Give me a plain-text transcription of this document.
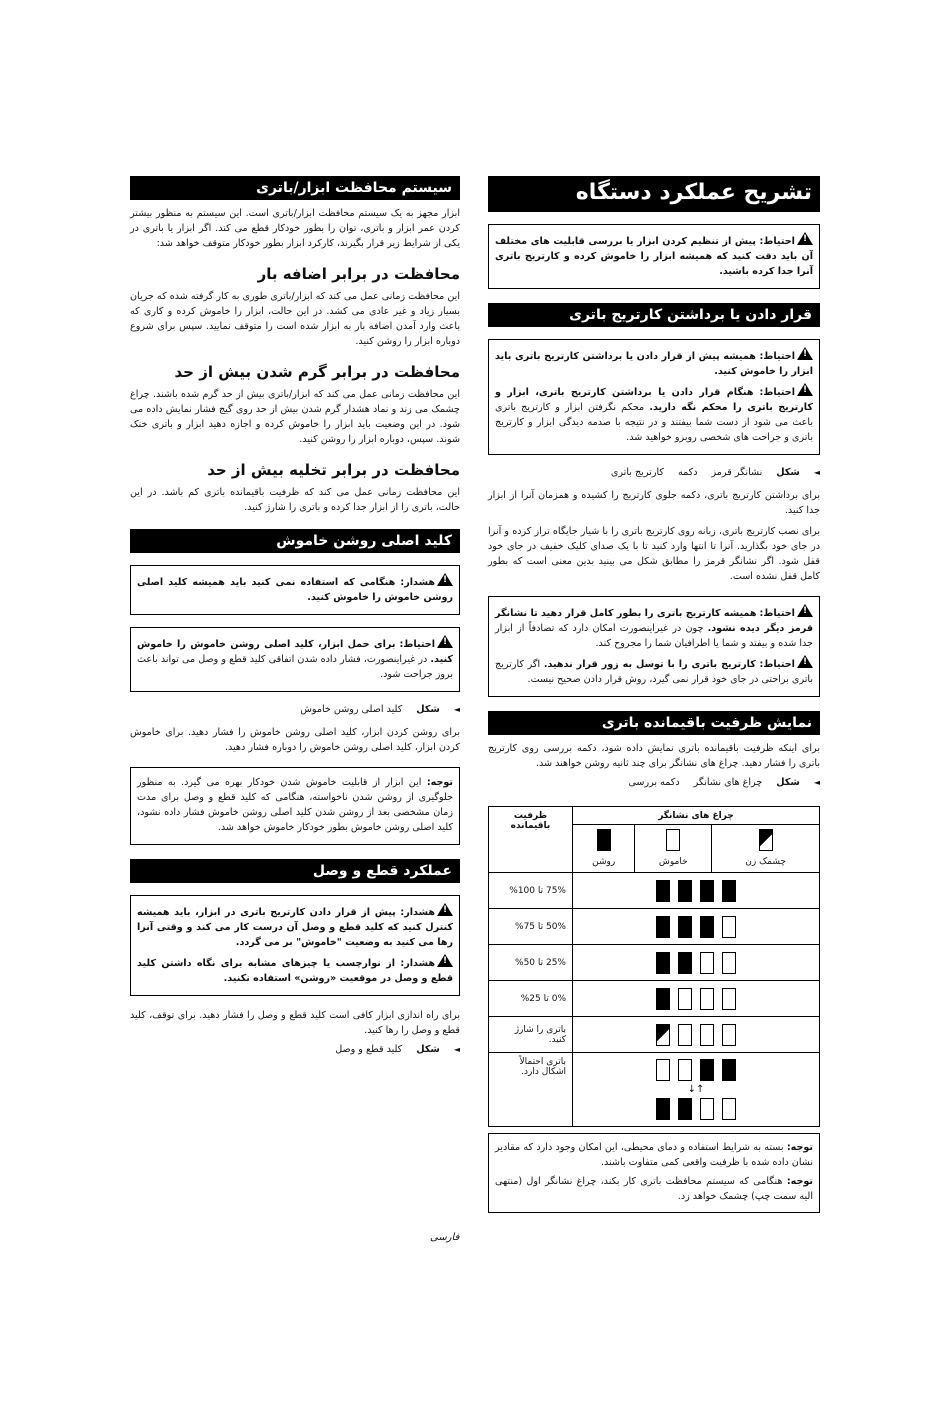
تشریح عملکرد دستگاه

!احتیاط: پیش از تنظیم کردن ابزار یا بررسی قابلیت های مختلف آن باید دقت کنید که همیشه ابزار را خاموش کرده و کارتریج باتری آنرا جدا کرده باشید.

قرار دادن یا برداشتن کارتریج باتری

!احتیاط: همیشه پیش از قرار دادن یا برداشتن کارتریج باتری باید ابزار را خاموش کنید.

!احتیاط: هنگام قرار دادن یا برداشتن کارتریج باتری، ابزار و کارتریج باتری را محکم نگه دارید. محکم نگرفتن ابزار و کارتریج باتری باعث می شود از دست شما بیفتند و در نتیجه با صدمه دیدگی ابزار و کارتریج باتری و جراحت های شخصی روبرو خواهید شد.

◄
شکل
نشانگر قرمز
دکمه
کارتریج باتری

برای برداشتن کارتریج باتری، دکمه جلوی کارتریج را کشیده و همزمان آنرا از ابزار جدا کنید.

برای نصب کارتریج باتری، زبانه روی کارتریج باتری را با شیار جایگاه تراز کرده و آنرا در جای خود بگذارید. آنرا تا انتها وارد کنید تا با یک صدای کلیک خفیف در جای خود قفل شود. اگر نشانگر قرمز را مطابق شکل می بینید بدین معنی است که بطور کامل قفل نشده است.

!احتیاط: همیشه کارتریج باتری را بطور کامل قرار دهید تا نشانگر قرمز دیگر دیده نشود. چون در غیراینصورت امکان دارد که تصادفاً از ابزار جدا شده و بیفتد و شما یا اطرافیان شما را مجروح کند.

!احتیاط: کارتریج باتری را با توسل به زور قرار ندهید. اگر کارتریج باتری براحتی در جای خود قرار نمی گیرد، روش قرار دادن صحیح نیست.

نمایش ظرفیت باقیمانده باتری

برای اینکه ظرفیت باقیمانده باتری نمایش داده شود، دکمه بررسی روی کارتریج باتری را فشار دهید. چراغ های نشانگر برای چند ثانیه روشن خواهند شد.

◄
شکل
چراغ های نشانگر
دکمه بررسی
چراغ های نشانگر			ظرفیت باقیمانده

چشمک زن	خاموش	روشن	
			75% تا 100%
			50% تا 75%
			25% تا 50%
			0% تا 25%
			باتری را شارژ کنید.

↑↓			باتری احتمالاً اشکال دارد.

توجه: بسته به شرایط استفاده و دمای محیطی، این امکان وجود دارد که مقادیر نشان داده شده با ظرفیت واقعی کمی متفاوت باشند.

توجه: هنگامی که سیستم محافظت باتری کار بکند، چراغ نشانگر اول (منتهی الیه سمت چپ) چشمک خواهد زد.

سیستم محافظت ابزار/باتری

ابزار مجهز به یک سیستم محافظت ابزار/باتری است. این سیستم به منظور بیشتر کردن عمر ابزار و باتری، توان را بطور خودکار قطع می کند. اگر ابزار یا باتری در یکی از شرایط زیر قرار بگیرند، کارکرد ابزار بطور خودکار متوقف خواهد شد:

محافظت در برابر اضافه بار

این محافظت زمانی عمل می کند که ابزار/باتری طوری به کار گرفته شده که جریان بسیار زیاد و غیر عادی می کشد. در این حالت، ابزار را خاموش کرده و کاری که باعث وارد آمدن اضافه بار به ابزار شده است را متوقف نمایید. سپس برای شروع دوباره ابزار را روشن کنید.

محافظت در برابر گرم شدن بیش از حد

این محافظت زمانی عمل می کند که ابزار/باتری بیش از حد گرم شده باشند. چراغ چشمک می زند و نماد هشدار گرم شدن بیش از حد روی گیج فشار نمایش داده می شود. در این وضعیت باید ابزار را خاموش کرده و اجازه دهید ابزار و باتری خنک شوند. سپس، دوباره ابزار را روشن کنید.

محافظت در برابر تخلیه بیش از حد

این محافظت زمانی عمل می کند که ظرفیت باقیمانده باتری کم باشد. در این حالت، باتری را از ابزار جدا کرده و باتری را شارژ کنید.

کلید اصلی روشن خاموش

!هشدار: هنگامی که استفاده نمی کنید باید همیشه کلید اصلی روشن خاموش را خاموش کنید.

!احتیاط: برای حمل ابزار، کلید اصلی روشن خاموش را خاموش کنید. در غیراینصورت، فشار داده شدن اتفاقی کلید قطع و وصل می تواند باعث بروز جراحت شود.

◄
شکل
کلید اصلی روشن خاموش

برای روشن کردن ابزار، کلید اصلی روشن خاموش را فشار دهید. برای خاموش کردن ابزار، کلید اصلی روشن خاموش را دوباره فشار دهید.

توجه: این ابزار از قابلیت خاموش شدن خودکار بهره می گیرد. به منظور جلوگیری از روشن شدن ناخواسته، هنگامی که کلید قطع و وصل برای مدت زمان مشخصی بعد از روشن شدن کلید اصلی روشن خاموش فشار داده نشود، کلید اصلی روشن خاموش بطور خودکار خاموش خواهد شد.

عملکرد قطع و وصل

!هشدار: پیش از قرار دادن کارتریج باتری در ابزار، باید همیشه کنترل کنید که کلید قطع و وصل آن درست کار می کند و وقتی آنرا رها می کنید به وضعیت "خاموش" بر می گردد.

!هشدار: از نوارچسب یا چیزهای مشابه برای نگاه داشتن کلید قطع و وصل در موقعیت «روشن» استفاده نکنید.

برای راه اندازی ابزار کافی است کلید قطع و وصل را فشار دهید. برای توقف، کلید قطع و وصل را رها کنید.

◄
شکل
کلید قطع و وصل
فارسی
